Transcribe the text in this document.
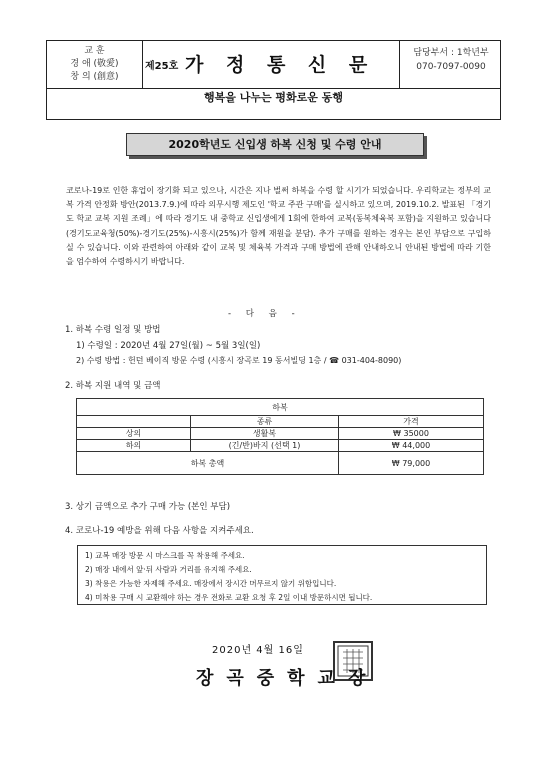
교 훈
경 애 (敬愛)
창 의 (創意)
제25호 가 정 통 신 문
담당부서 : 1학년부
070-7097-0090
행복을 나누는 평화로운 동행
2020학년도 신입생 하복 신청 및 수령 안내
코로나-19로 인한 휴업이 장기화 되고 있으나, 시간은 지나 벌써 하복을 수령 할 시기가 되었습니다. 우리학교는 정부의 교복 가격 안정화 방안(2013.7.9.)에 따라 의무시행 제도인 '학교 주관 구매'를 실시하고 있으며, 2019.10.2. 발표된 「경기도 학교 교복 지원 조례」에 따라 경기도 내 중학교 신입생에게 1회에 한하여 교복(동복체육복 포함)을 지원하고 있습니다(경기도교육청(50%)-경기도(25%)-시흥시(25%)가 함께 재원을 분담). 추가 구매를 원하는 경우는 본인 부담으로 구입하실 수 있습니다. 이와 관련하여 아래와 같이 교복 및 체육복 가격과 구매 방법에 관해 안내하오니 안내된 방법에 따라 기한을 엄수하여 수령하시기 바랍니다.
- 다 음 -
1. 하복 수령 일정 및 방법
1) 수령일 : 2020년 4월 27일(월) ~ 5월 3일(일)
2) 수령 방법 : 헌던 베이직 방문 수령 (시흥시 장곡로 19 동서빌딩 1층 / ☎ 031-404-8090)
2. 하복 지원 내역 및 금액
하복		
	종류	가격
상의	생활복	₩ 35000
하의	(긴/반)바지 (선택 1)	₩ 44,000
하복 총액		₩ 79,000
3. 상기 금액으로 추가 구매 가능 (본인 부담)
4. 코로나-19 예방을 위해 다음 사항을 지켜주세요.
1) 교복 매장 방문 시 마스크를 꼭 착용해 주세요.
2) 매장 내에서 앞·뒤 사람과 거리를 유지해 주세요.
3) 착용은 가능한 자제해 주세요. 매장에서 장시간 머무르지 않기 위함입니다.
4) 미착용 구매 시 교환해야 하는 경우 전화로 교환 요청 후 2일 이내 방문하시면 됩니다.
2020년 4월 16일
장곡중학교장
